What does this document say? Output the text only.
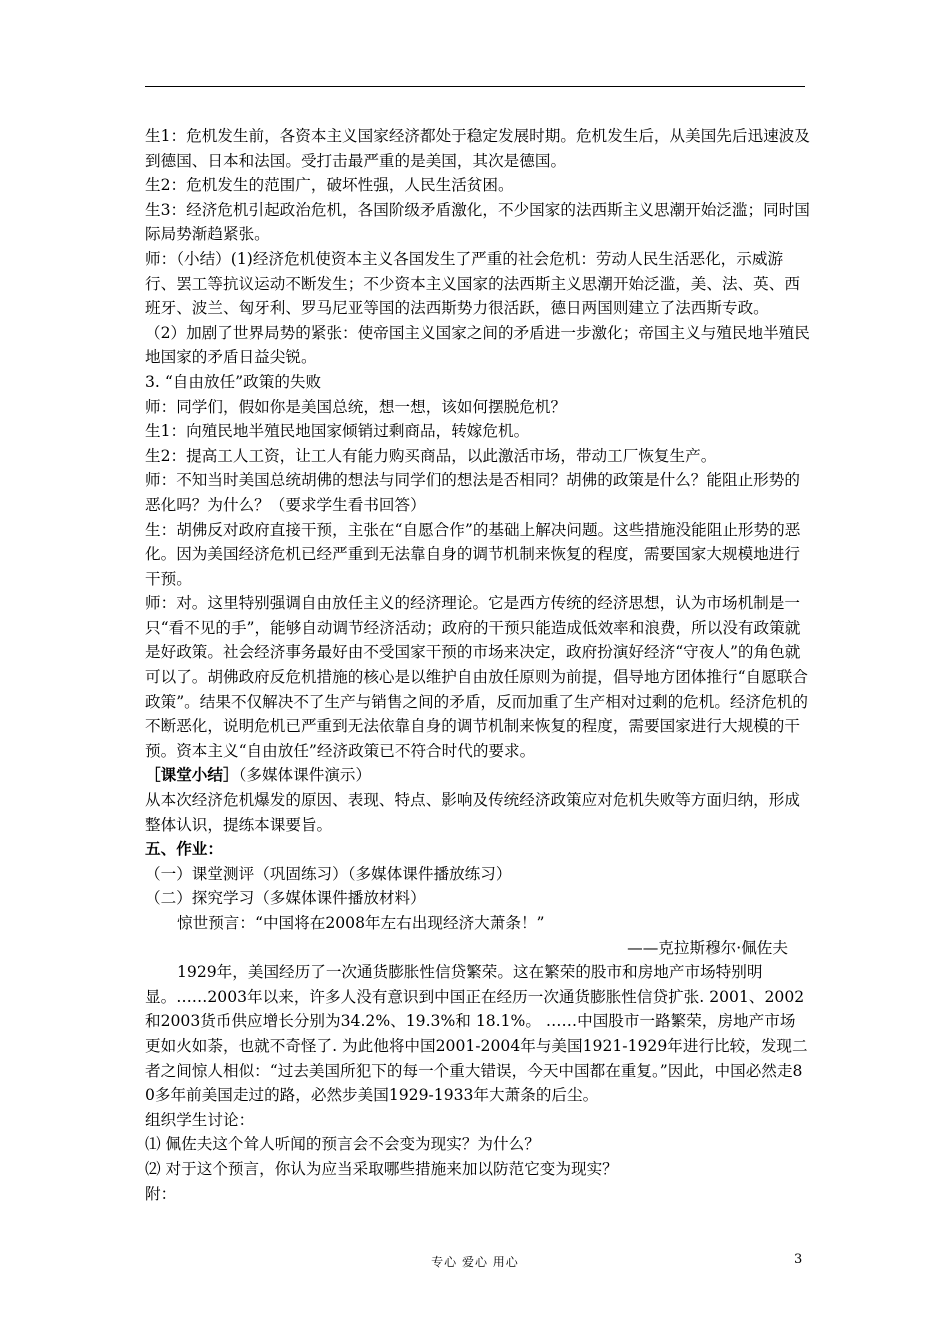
生1：危机发生前，各资本主义国家经济都处于稳定发展时期。危机发生后，从美国先后迅速波及到德国、日本和法国。受打击最严重的是美国，其次是德国。

生2：危机发生的范围广，破坏性强，人民生活贫困。

生3：经济危机引起政治危机，各国阶级矛盾激化，不少国家的法西斯主义思潮开始泛滥；同时国际局势渐趋紧张。

师：（小结）(1)经济危机使资本主义各国发生了严重的社会危机：劳动人民生活恶化，示威游行、罢工等抗议运动不断发生；不少资本主义国家的法西斯主义思潮开始泛滥，美、法、英、西班牙、波兰、匈牙利、罗马尼亚等国的法西斯势力很活跃，德日两国则建立了法西斯专政。

（2）加剧了世界局势的紧张：使帝国主义国家之间的矛盾进一步激化；帝国主义与殖民地半殖民地国家的矛盾日益尖锐。

3. “自由放任”政策的失败

师：同学们，假如你是美国总统，想一想，该如何摆脱危机？

生1：向殖民地半殖民地国家倾销过剩商品，转嫁危机。

生2：提高工人工资，让工人有能力购买商品，以此激活市场，带动工厂恢复生产。

师：不知当时美国总统胡佛的想法与同学们的想法是否相同？胡佛的政策是什么？能阻止形势的恶化吗？为什么？（要求学生看书回答）

生：胡佛反对政府直接干预，主张在“自愿合作”的基础上解决问题。这些措施没能阻止形势的恶化。因为美国经济危机已经严重到无法靠自身的调节机制来恢复的程度，需要国家大规模地进行干预。

师：对。这里特别强调自由放任主义的经济理论。它是西方传统的经济思想，认为市场机制是一只“看不见的手”，能够自动调节经济活动；政府的干预只能造成低效率和浪费，所以没有政策就是好政策。社会经济事务最好由不受国家干预的市场来决定，政府扮演好经济“守夜人”的角色就可以了。胡佛政府反危机措施的核心是以维护自由放任原则为前提，倡导地方团体推行“自愿联合政策”。结果不仅解决不了生产与销售之间的矛盾，反而加重了生产相对过剩的危机。经济危机的不断恶化，说明危机已严重到无法依靠自身的调节机制来恢复的程度，需要国家进行大规模的干预。资本主义“自由放任”经济政策已不符合时代的要求。

［课堂小结］（多媒体课件演示）

从本次经济危机爆发的原因、表现、特点、影响及传统经济政策应对危机失败等方面归纳，形成整体认识，提练本课要旨。

五、作业：

（一）课堂测评（巩固练习）（多媒体课件播放练习）

（二）探究学习（多媒体课件播放材料）

惊世预言：“中国将在2008年左右出现经济大萧条！”

——克拉斯穆尔·佩佐夫

1929年，美国经历了一次通货膨胀性信贷繁荣。这在繁荣的股市和房地产市场特别明显。……2003年以来，许多人没有意识到中国正在经历一次通货膨胀性信贷扩张. 2001、2002和2003货币供应增长分别为34.2%、19.3%和 18.1%。 ……中国股市一路繁荣，房地产市场更如火如荼，也就不奇怪了. 为此他将中国2001-2004年与美国1921-1929年进行比较，发现二者之间惊人相似：“过去美国所犯下的每一个重大错误，今天中国都在重复。”因此，中国必然走80多年前美国走过的路，必然步美国1929-1933年大萧条的后尘。

组织学生讨论：

⑴ 佩佐夫这个耸人听闻的预言会不会变为现实？为什么？

⑵ 对于这个预言，你认为应当采取哪些措施来加以防范它变为现实？

附：

专心 爱心 用心	3
